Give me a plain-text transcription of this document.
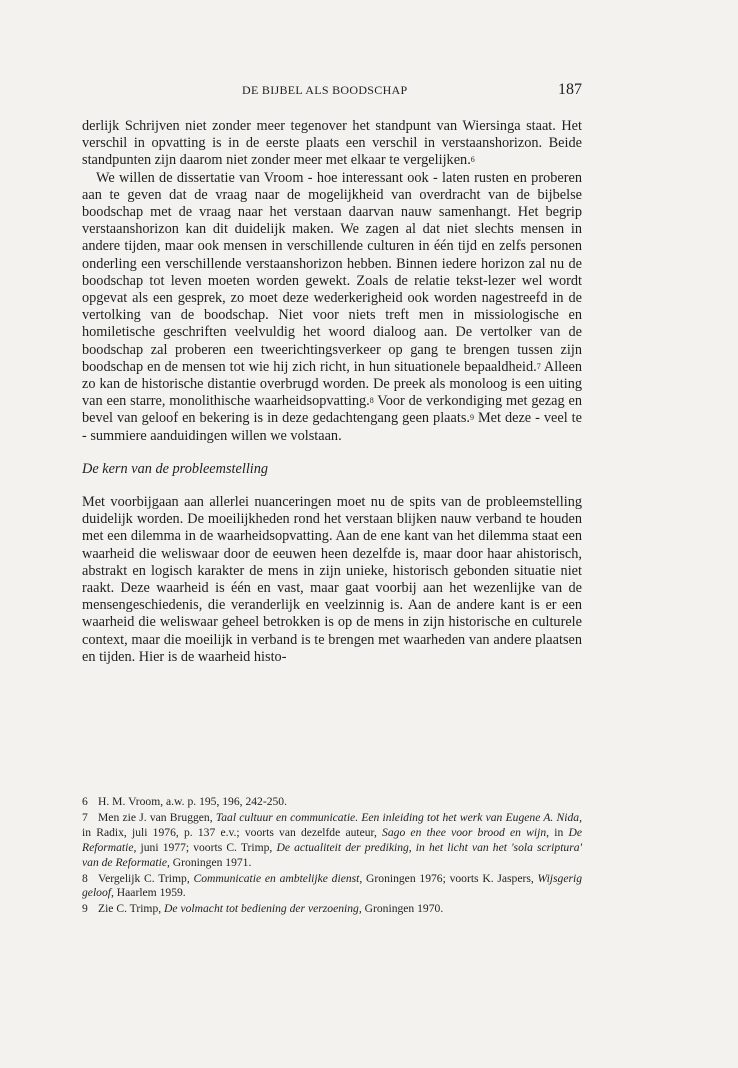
DE BIJBEL ALS BOODSCHAP	187

derlijk Schrijven niet zonder meer tegenover het standpunt van Wiersinga staat. Het verschil in opvatting is in de eerste plaats een verschil in verstaanshorizon. Beide standpunten zijn daarom niet zonder meer met elkaar te vergelijken.$^6$

We willen de dissertatie van Vroom - hoe interessant ook - laten rusten en proberen aan te geven dat de vraag naar de mogelijkheid van overdracht van de bijbelse boodschap met de vraag naar het verstaan daarvan nauw samenhangt. Het begrip verstaanshorizon kan dit duidelijk maken. We zagen al dat niet slechts mensen in andere tijden, maar ook mensen in verschillende culturen in één tijd en zelfs personen onderling een verschillende verstaanshorizon hebben. Binnen iedere horizon zal nu de boodschap tot leven moeten worden gewekt. Zoals de relatie tekst-lezer wel wordt opgevat als een gesprek, zo moet deze wederkerigheid ook worden nagestreefd in de vertolking van de boodschap. Niet voor niets treft men in missiologische en homiletische geschriften veelvuldig het woord dialoog aan. De vertolker van de boodschap zal proberen een tweerichtingsverkeer op gang te brengen tussen zijn boodschap en de mensen tot wie hij zich richt, in hun situationele bepaaldheid.$^7$ Alleen zo kan de historische distantie overbrugd worden. De preek als monoloog is een uiting van een starre, monolithische waarheidsopvatting.$^8$ Voor de verkondiging met gezag en bevel van geloof en bekering is in deze gedachtengang geen plaats.$^9$ Met deze - veel te - summiere aanduidingen willen we volstaan.

De kern van de probleemstelling

Met voorbijgaan aan allerlei nuanceringen moet nu de spits van de probleemstelling duidelijk worden. De moeilijkheden rond het verstaan blijken nauw verband te houden met een dilemma in de waarheidsopvatting. Aan de ene kant van het dilemma staat een waarheid die weliswaar door de eeuwen heen dezelfde is, maar door haar ahistorisch, abstrakt en logisch karakter de mens in zijn unieke, historisch gebonden situatie niet raakt. Deze waarheid is één en vast, maar gaat voorbij aan het wezenlijke van de mensengeschiedenis, die veranderlijk en veelzinnig is. Aan de andere kant is er een waarheid die weliswaar geheel betrokken is op de mens in zijn historische en culturele context, maar die moeilijk in verband is te brengen met waarheden van andere plaatsen en tijden. Hier is de waarheid histo-

6 H. M. Vroom, a.w. p. 195, 196, 242-250.
7 Men zie J. van Bruggen, Taal cultuur en communicatie. Een inleiding tot het werk van Eugene A. Nida, in Radix, juli 1976, p. 137 e.v.; voorts van dezelfde auteur, Sago en thee voor brood en wijn, in De Reformatie, juni 1977; voorts C. Trimp, De actualiteit der prediking, in het licht van het 'sola scriptura' van de Reformatie, Groningen 1971.
8 Vergelijk C. Trimp, Communicatie en ambtelijke dienst, Groningen 1976; voorts K. Jaspers, Wijsgerig geloof, Haarlem 1959.
9 Zie C. Trimp, De volmacht tot bediening der verzoening, Groningen 1970.
